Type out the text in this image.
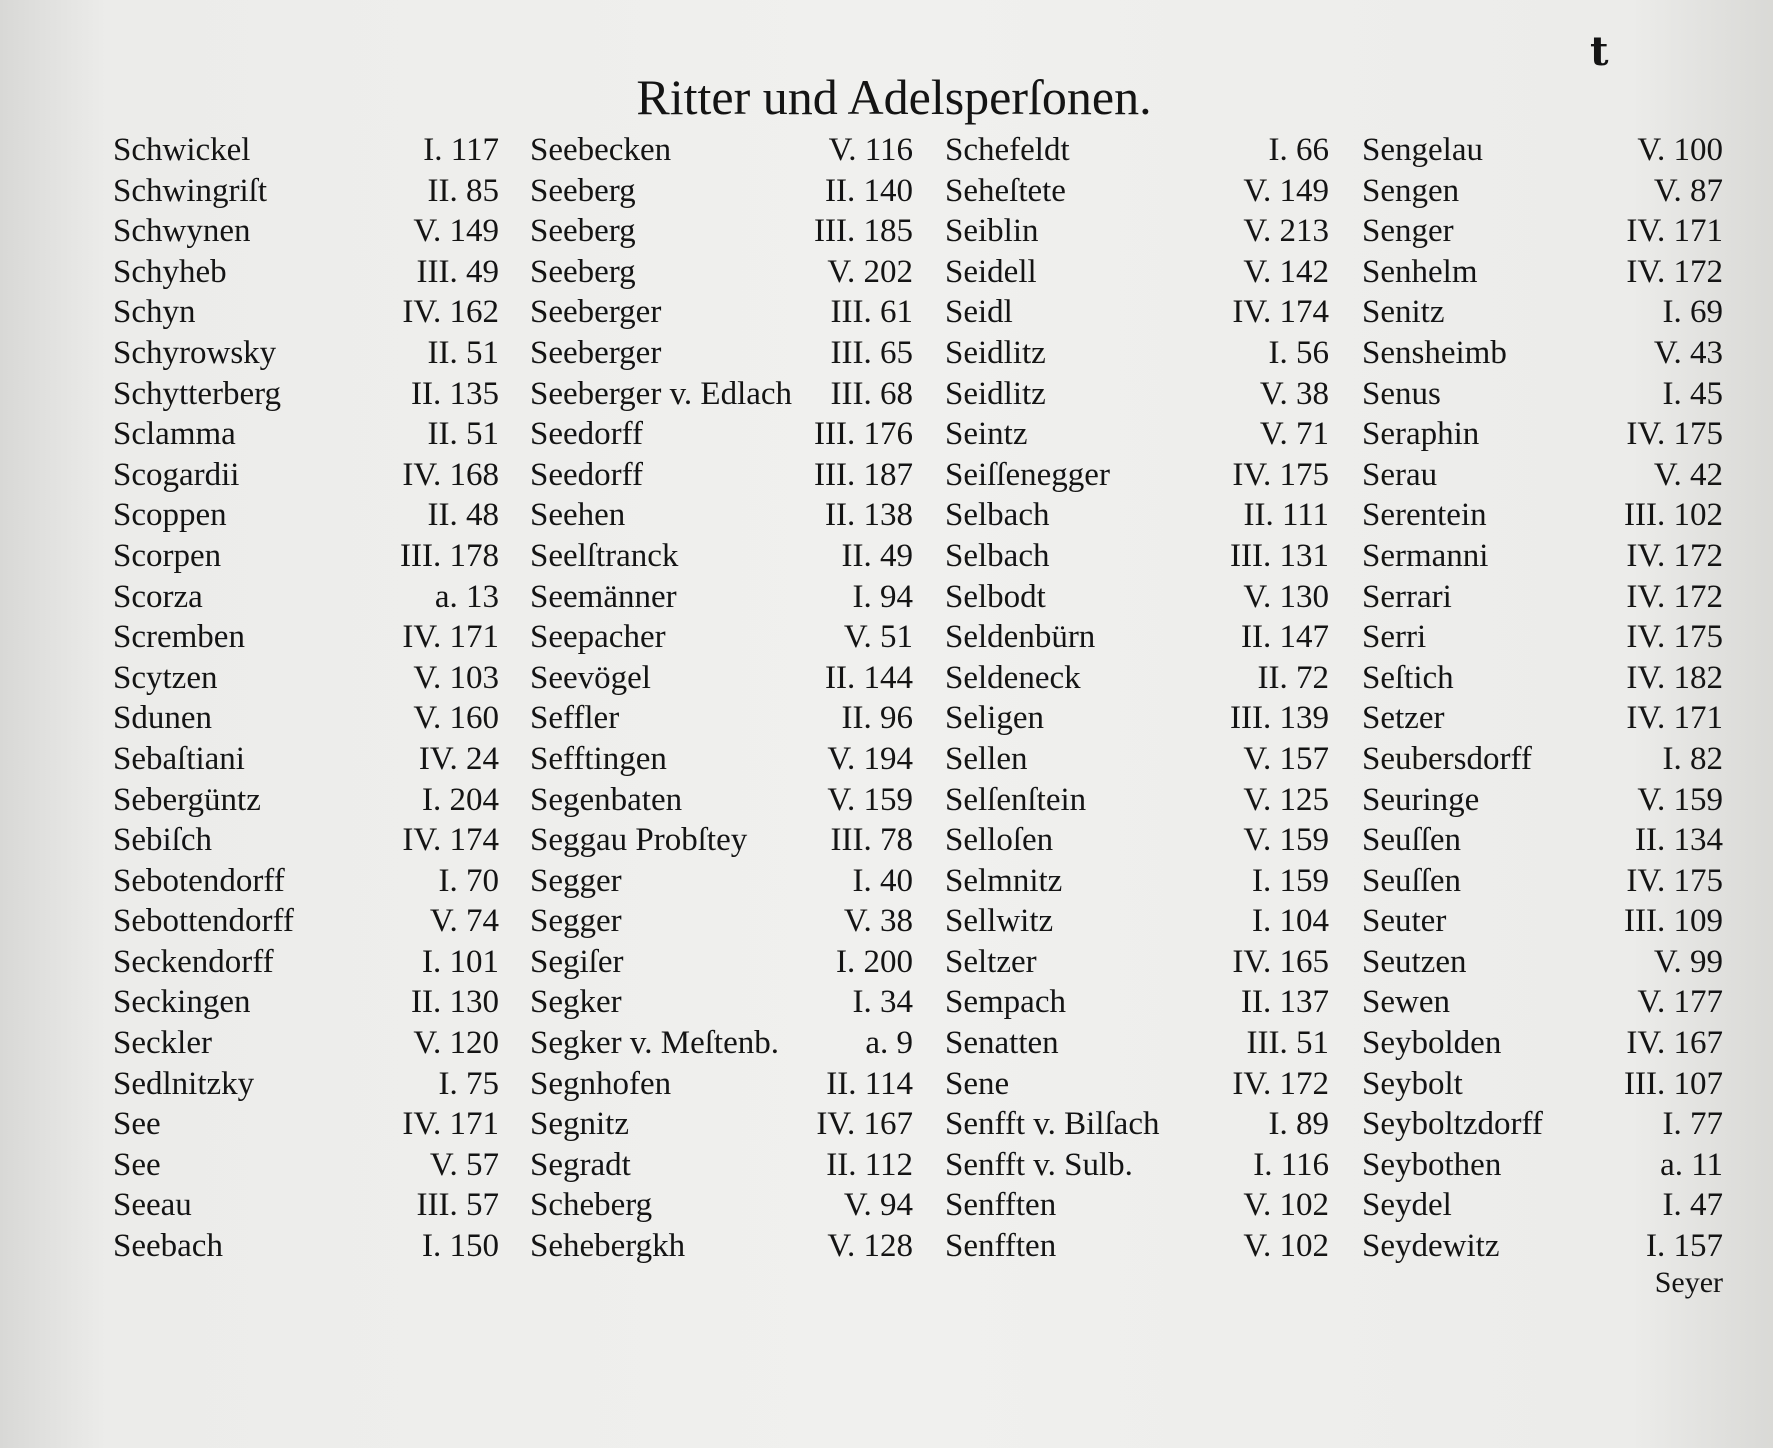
t
Ritter und Adelsperſonen.
Schwickel	I. 117
Schwingriſt	II. 85
Schwynen	V. 149
Schyheb	III. 49
Schyn	IV. 162
Schyrowsky	II. 51
Schytterberg	II. 135
Sclamma	II. 51
Scogardii	IV. 168
Scoppen	II. 48
Scorpen	III. 178
Scorza	a. 13
Scremben	IV. 171
Scytzen	V. 103
Sdunen	V. 160
Sebaſtiani	IV. 24
Sebergüntz	I. 204
Sebiſch	IV. 174
Sebotendorff	I. 70
Sebottendorff	V. 74
Seckendorff	I. 101
Seckingen	II. 130
Seckler	V. 120
Sedlnitzky	I. 75
See	IV. 171
See	V. 57
Seeau	III. 57
Seebach	I. 150
Seebecken	V. 116
Seeberg	II. 140
Seeberg	III. 185
Seeberg	V. 202
Seeberger	III. 61
Seeberger	III. 65
Seeberger v. Edlach III. 68
Seedorff	III. 176
Seedorff	III. 187
Seehen	II. 138
Seelſtranck	II. 49
Seemänner	I. 94
Seepacher	V. 51
Seevögel	II. 144
Seffler	II. 96
Sefftingen	V. 194
Segenbaten	V. 159
Seggau Probſtey	III. 78
Segger	I. 40
Segger	V. 38
Segiſer	I. 200
Segker	I. 34
Segker v. Meſtenb.	a. 9
Segnhofen	II. 114
Segnitz	IV. 167
Segradt	II. 112
Scheberg	V. 94
Sehebergkh	V. 128
Schefeldt	I. 66
Seheſtete	V. 149
Seiblin	V. 213
Seidell	V. 142
Seidl	IV. 174
Seidlitz	I. 56
Seidlitz	V. 38
Seintz	V. 71
Seiſſenegger	IV. 175
Selbach	II. 111
Selbach	III. 131
Selbodt	V. 130
Seldenbürn	II. 147
Seldeneck	II. 72
Seligen	III. 139
Sellen	V. 157
Selſenſtein	V. 125
Selloſen	V. 159
Selmnitz	I. 159
Sellwitz	I. 104
Seltzer	IV. 165
Sempach	II. 137
Senatten	III. 51
Sene	IV. 172
Senfft v. Bilſach	I. 89
Senfft v. Sulb.	I. 116
Senfften	V. 102
Senfften	V. 102
Sengelau	V. 100
Sengen	V. 87
Senger	IV. 171
Senhelm	IV. 172
Senitz	I. 69
Sensheimb	V. 43
Senus	I. 45
Seraphin	IV. 175
Serau	V. 42
Serentein	III. 102
Sermanni	IV. 172
Serrari	IV. 172
Serri	IV. 175
Seſtich	IV. 182
Setzer	IV. 171
Seubersdorff	I. 82
Seuringe	V. 159
Seuſſen	II. 134
Seuſſen	IV. 175
Seuter	III. 109
Seutzen	V. 99
Sewen	V. 177
Seybolden	IV. 167
Seybolt	III. 107
Seyboltzdorff	I. 77
Seybothen	a. 11
Seydel	I. 47
Seydewitz	I. 157
Seyer
